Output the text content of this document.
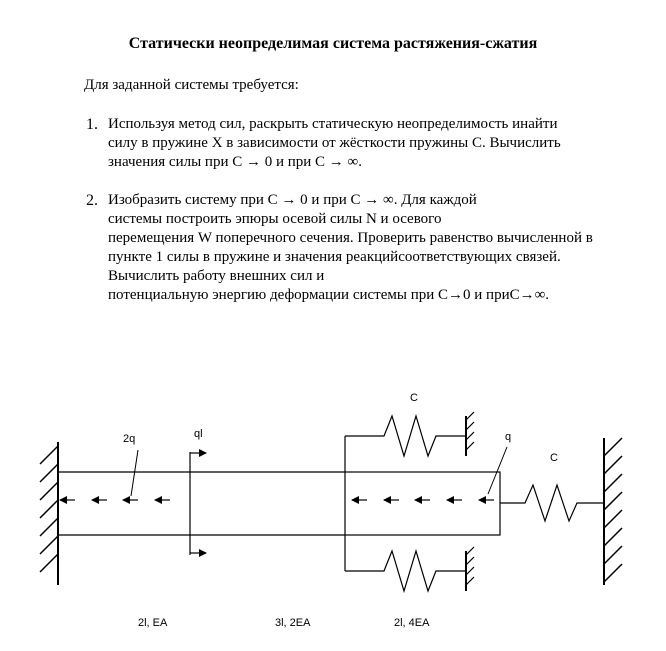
Статически неопределимая система растяжения-сжатия
Для заданной системы требуется:
1. Используя метод сил, раскрыть статическую неопределимость инайти
силу в пружине X в зависимости от жёсткости пружины C. Вычислить
значения силы при C → 0 и при C → ∞.
2. Изобразить систему при C → 0 и при C → ∞. Для каждой
системы построить эпюры осевой силы N и осевого
перемещения W поперечного сечения. Проверить равенство вычисленной в
пункте 1 силы в пружине и значения реакцийсоответствующих связей.
Вычислить работу внешних сил и
потенциальную энергию деформации системы при C→0 и приC→∞.
ql
2q	q
C
C
2l, EA	3l, 2EA	2l, 4EA
